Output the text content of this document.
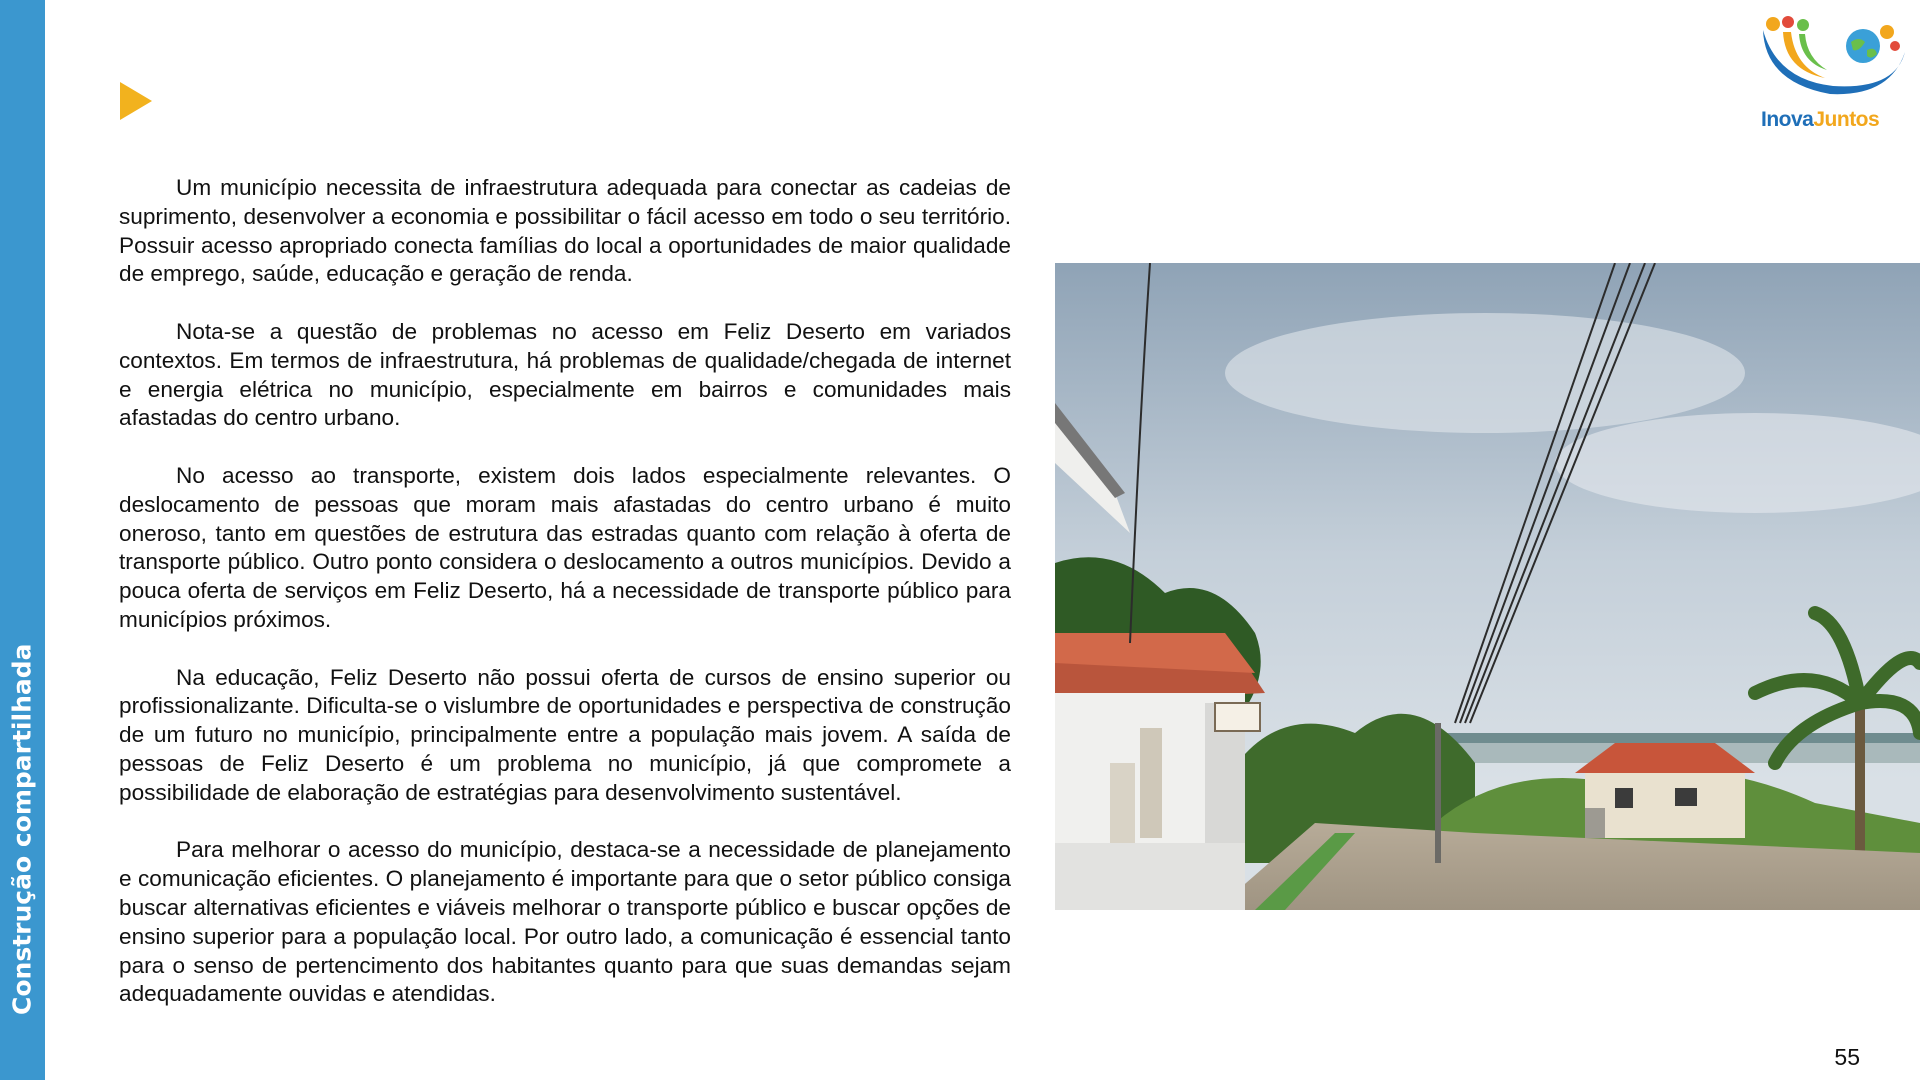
Construção compartilhada
InovaJuntos

Um município necessita de infraestrutura adequada para conectar as cadeias de suprimento, desenvolver a economia e possibilitar o fácil acesso em todo o seu território. Possuir acesso apropriado conecta famílias do local a oportunidades de maior qualidade de emprego, saúde, educação e geração de renda.

Nota-se a questão de problemas no acesso em Feliz Deserto em variados contextos. Em termos de infraestrutura, há problemas de qualidade/chegada de internet e energia elétrica no município, especialmente em bairros e comunidades mais afastadas do centro urbano.

No acesso ao transporte, existem dois lados especialmente relevantes. O deslocamento de pessoas que moram mais afastadas do centro urbano é muito oneroso, tanto em questões de estrutura das estradas quanto com relação à oferta de transporte público. Outro ponto considera o deslocamento a outros municípios. Devido a pouca oferta de serviços em Feliz Deserto, há a necessidade de transporte público para municípios próximos.

Na educação, Feliz Deserto não possui oferta de cursos de ensino superior ou profissionalizante. Dificulta-se o vislumbre de oportunidades e perspectiva de construção de um futuro no município, principalmente entre a população mais jovem. A saída de pessoas de Feliz Deserto é um problema no município, já que compromete a possibilidade de elaboração de estratégias para desenvolvimento sustentável.

Para melhorar o acesso do município, destaca-se a necessidade de planejamento e comunicação eficientes. O planejamento é importante para que o setor público consiga buscar alternativas eficientes e viáveis melhorar o transporte público e buscar opções de ensino superior para a população local. Por outro lado, a comunicação é essencial tanto para o senso de pertencimento dos habitantes quanto para que suas demandas sejam adequadamente ouvidas e atendidas.

55
